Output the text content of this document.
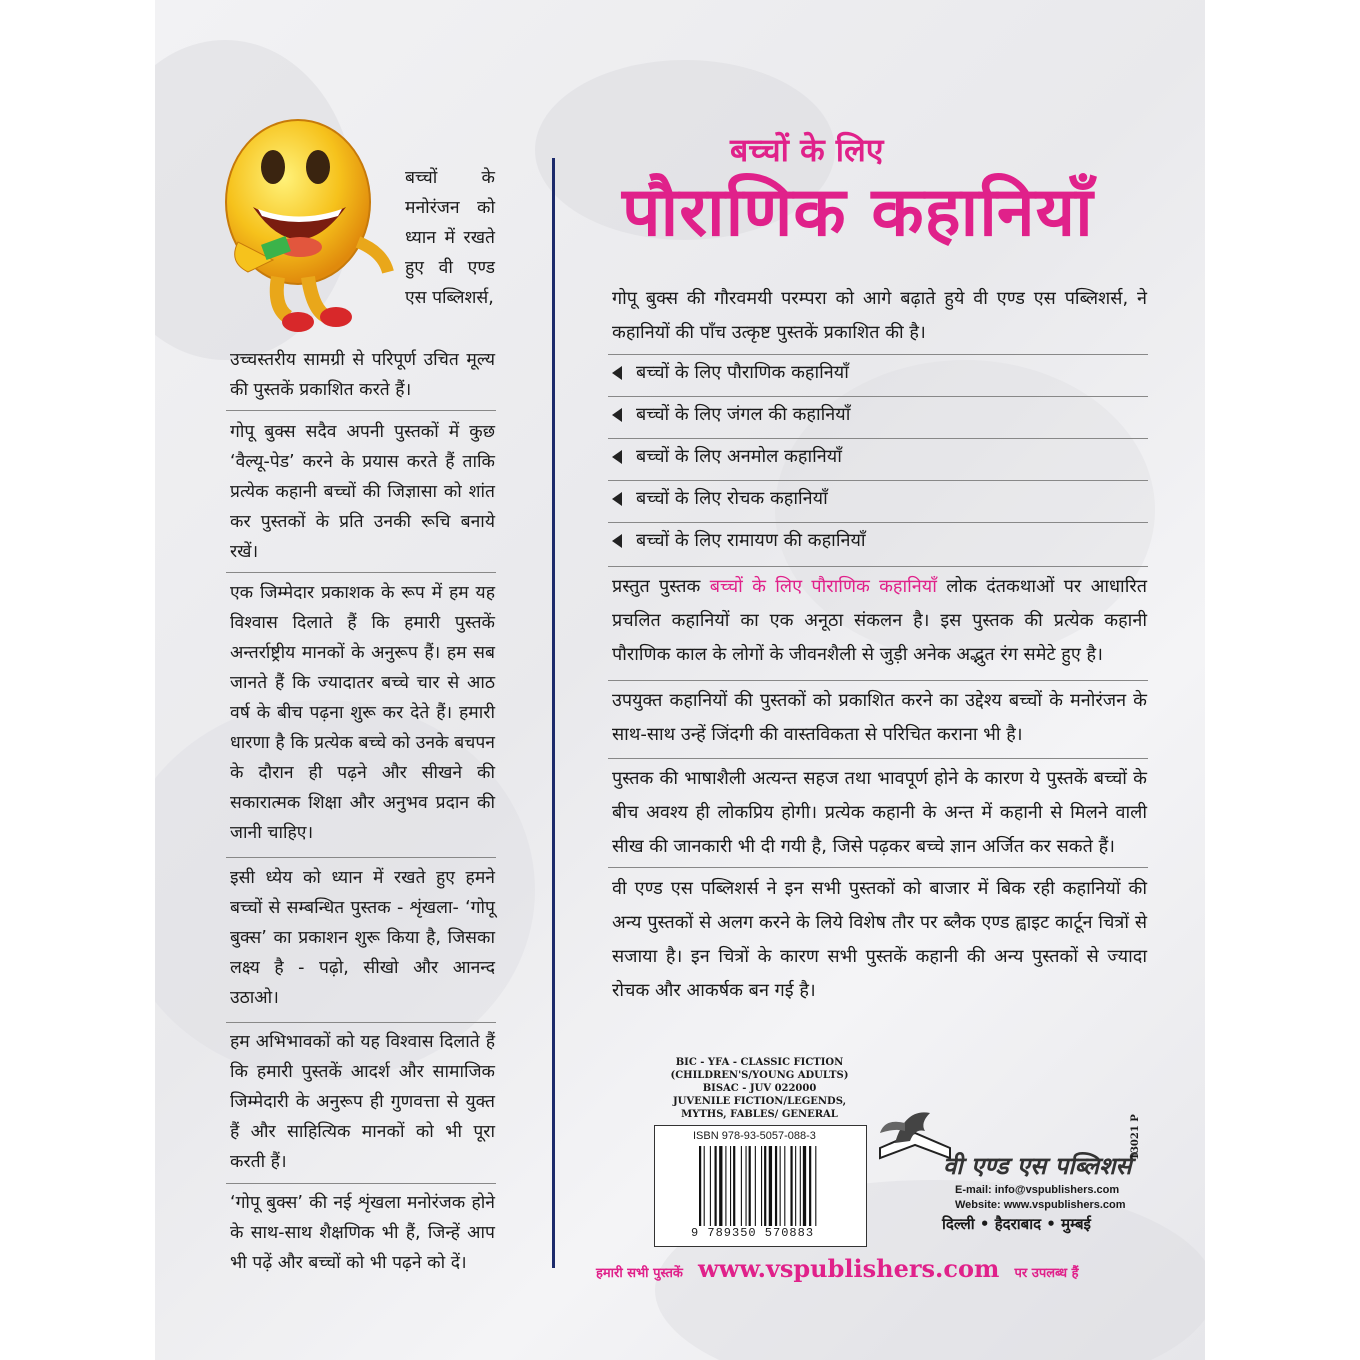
बच्चों के मनोरंजन को ध्यान में रखते हुए वी एण्ड एस पब्लिशर्स,

उच्चस्तरीय सामग्री से परिपूर्ण उचित मूल्य की पुस्तकें प्रकाशित करते हैं।

गोपू बुक्स सदैव अपनी पुस्तकों में कुछ ‘वैल्यू-पेड’ करने के प्रयास करते हैं ताकि प्रत्येक कहानी बच्चों की जिज्ञासा को शांत कर पुस्तकों के प्रति उनकी रूचि बनाये रखें।

एक जिम्मेदार प्रकाशक के रूप में हम यह विश्वास दिलाते हैं कि हमारी पुस्तकें अन्तर्राष्ट्रीय मानकों के अनुरूप हैं। हम सब जानते हैं कि ज्यादातर बच्चे चार से आठ वर्ष के बीच पढ़ना शुरू कर देते हैं। हमारी धारणा है कि प्रत्येक बच्चे को उनके बचपन के दौरान ही पढ़ने और सीखने की सकारात्मक शिक्षा और अनुभव प्रदान की जानी चाहिए।

इसी ध्येय को ध्यान में रखते हुए हमने बच्चों से सम्बन्धित पुस्तक - शृंखला- ‘गोपू बुक्स’ का प्रकाशन शुरू किया है, जिसका लक्ष्य है - पढ़ो, सीखो और आनन्द उठाओ।

हम अभिभावकों को यह विश्वास दिलाते हैं कि हमारी पुस्तकें आदर्श और सामाजिक जिम्मेदारी के अनुरूप ही गुणवत्ता से युक्त हैं और साहित्यिक मानकों को भी पूरा करती हैं।

‘गोपू बुक्स’ की नई शृंखला मनोरंजक होने के साथ-साथ शैक्षणिक भी हैं, जिन्हें आप भी पढ़ें और बच्चों को भी पढ़ने को दें।

बच्चों के लिए
पौराणिक कहानियाँ

गोपू बुक्स की गौरवमयी परम्परा को आगे बढ़ाते हुये वी एण्ड एस पब्लिशर्स, ने कहानियों की पाँच उत्कृष्ट पुस्तकें प्रकाशित की है।

बच्चों के लिए पौराणिक कहानियाँ
बच्चों के लिए जंगल की कहानियाँ
बच्चों के लिए अनमोल कहानियाँ
बच्चों के लिए रोचक कहानियाँ
बच्चों के लिए रामायण की कहानियाँ

प्रस्तुत पुस्तक बच्चों के लिए पौराणिक कहानियाँ लोक दंतकथाओं पर आधारित प्रचलित कहानियों का एक अनूठा संकलन है। इस पुस्तक की प्रत्येक कहानी पौराणिक काल के लोगों के जीवनशैली से जुड़ी अनेक अद्भुत रंग समेटे हुए है।

उपयुक्त कहानियों की पुस्तकों को प्रकाशित करने का उद्देश्य बच्चों के मनोरंजन के साथ-साथ उन्हें जिंदगी की वास्तविकता से परिचित कराना भी है।

पुस्तक की भाषाशैली अत्यन्त सहज तथा भावपूर्ण होने के कारण ये पुस्तकें बच्चों के बीच अवश्य ही लोकप्रिय होगी। प्रत्येक कहानी के अन्त में कहानी से मिलने वाली सीख की जानकारी भी दी गयी है, जिसे पढ़कर बच्चे ज्ञान अर्जित कर सकते हैं।

वी एण्ड एस पब्लिशर्स ने इन सभी पुस्तकों को बाजार में बिक रही कहानियों की अन्य पुस्तकों से अलग करने के लिये विशेष तौर पर ब्लैक एण्ड ह्वाइट कार्टून चित्रों से सजाया है। इन चित्रों के कारण सभी पुस्तकें कहानी की अन्य पुस्तकों से ज्यादा रोचक और आकर्षक बन गई है।

BIC - YFA - CLASSIC FICTION
(CHILDREN'S/YOUNG ADULTS)
BISAC - JUV 022000
JUVENILE FICTION/LEGENDS, MYTHS, FABLES/ GENERAL
ISBN 978-93-5057-088-3
9 789350 570883
वी एण्ड एस पब्लिशर्स
E-mail: info@vspublishers.com
Website: www.vspublishers.com
दिल्ली • हैदराबाद • मुम्बई
13021 P
हमारी सभी पुस्तकें www.vspublishers.com पर उपलब्ध हैं
